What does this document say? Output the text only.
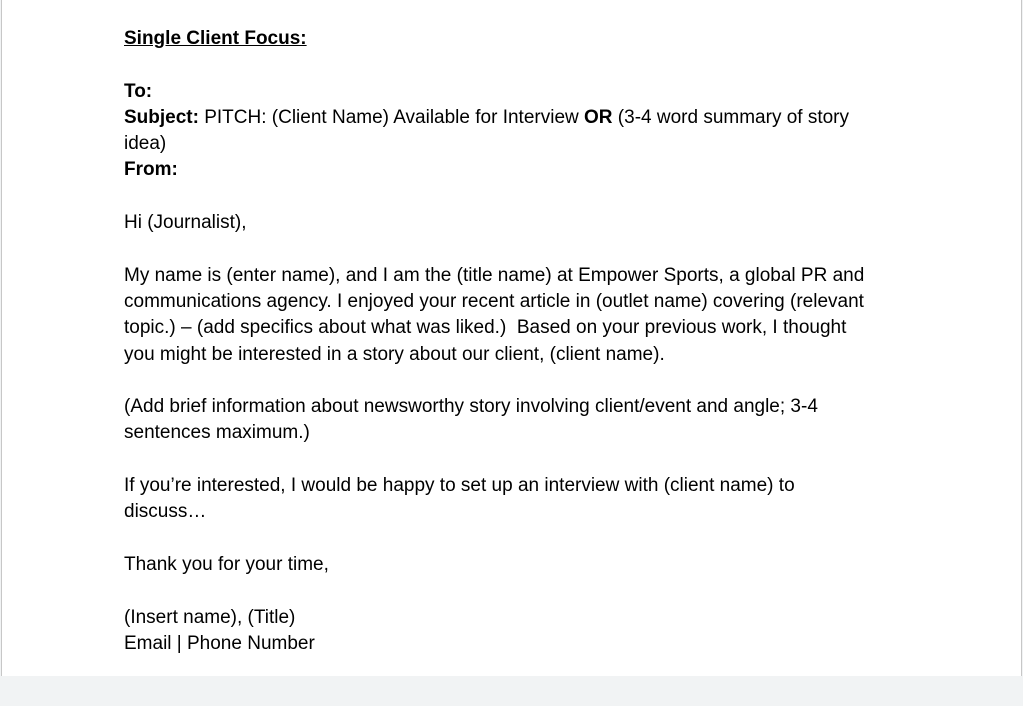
Single Client Focus:

To:

Subject: PITCH: (Client Name) Available for Interview OR (3-4 word summary of story

idea)

From:

Hi (Journalist),

My name is (enter name), and I am the (title name) at Empower Sports, a global PR and

communications agency. I enjoyed your recent article in (outlet name) covering (relevant

topic.) – (add specifics about what was liked.)  Based on your previous work, I thought

you might be interested in a story about our client, (client name).

(Add brief information about newsworthy story involving client/event and angle; 3-4

sentences maximum.)

If you’re interested, I would be happy to set up an interview with (client name) to

discuss…

Thank you for your time,

(Insert name), (Title)

Email | Phone Number
